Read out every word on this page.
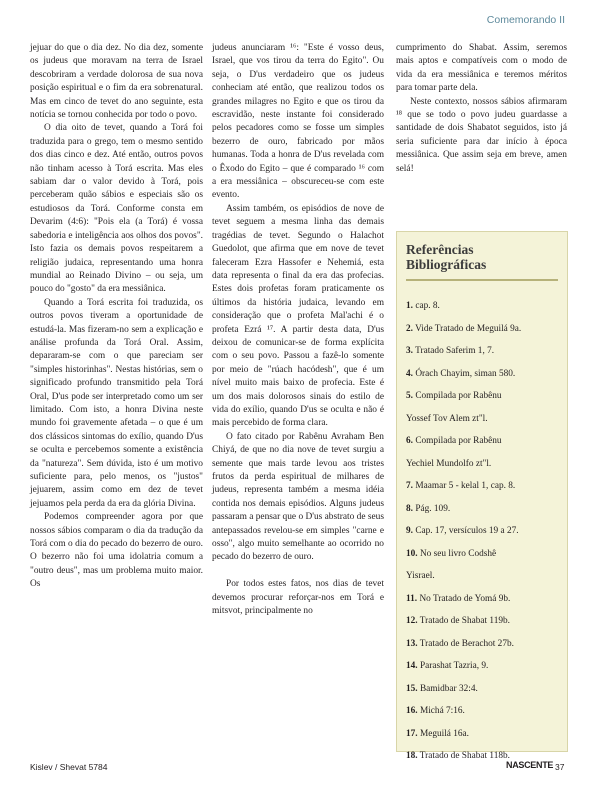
Comemorando II

jejuar do que o dia dez. No dia dez, somente os judeus que moravam na terra de Israel descobriram a verdade dolorosa de sua nova posição espiritual e o fim da era sobrenatural. Mas em cinco de tevet do ano seguinte, esta notícia se tornou conhecida por todo o povo.

O dia oito de tevet, quando a Torá foi traduzida para o grego, tem o mesmo sentido dos dias cinco e dez. Até então, outros povos não tinham acesso à Torá escrita. Mas eles sabiam dar o valor devido à Torá, pois perceberam quão sábios e especiais são os estudiosos da Torá. Conforme consta em Devarim (4:6): "Pois ela (a Torá) é vossa sabedoria e inteligência aos olhos dos povos". Isto fazia os demais povos respeitarem a religião judaica, representando uma honra mundial ao Reinado Divino – ou seja, um pouco do "gosto" da era messiânica.

Quando a Torá escrita foi traduzida, os outros povos tiveram a oportunidade de estudá-la. Mas fizeram-no sem a explicação e análise profunda da Torá Oral. Assim, depararam-se com o que pareciam ser "simples historinhas". Nestas histórias, sem o significado profundo transmitido pela Torá Oral, D'us pode ser interpretado como um ser limitado. Com isto, a honra Divina neste mundo foi gravemente afetada – o que é um dos clássicos sintomas do exílio, quando D'us se oculta e percebemos somente a existência da "natureza". Sem dúvida, isto é um motivo suficiente para, pelo menos, os "justos" jejuarem, assim como em dez de tevet jejuamos pela perda da era da glória Divina.

Podemos compreender agora por que nossos sábios comparam o dia da tradução da Torá com o dia do pecado do bezerro de ouro. O bezerro não foi uma idolatria comum a "outro deus", mas um problema muito maior. Os

judeus anunciaram ¹⁶: "Este é vosso deus, Israel, que vos tirou da terra do Egito". Ou seja, o D'us verdadeiro que os judeus conheciam até então, que realizou todos os grandes milagres no Egito e que os tirou da escravidão, neste instante foi considerado pelos pecadores como se fosse um simples bezerro de ouro, fabricado por mãos humanas. Toda a honra de D'us revelada com o Êxodo do Egito – que é comparado ¹⁶ com a era messiânica – obscureceu-se com este evento.

Assim também, os episódios de nove de tevet seguem a mesma linha das demais tragédias de tevet. Segundo o Halachot Guedolot, que afirma que em nove de tevet faleceram Ezra Hassofer e Nehemiá, esta data representa o final da era das profecias. Estes dois profetas foram praticamente os últimos da história judaica, levando em consideração que o profeta Mal'achi é o profeta Ezrá ¹⁷. A partir desta data, D'us deixou de comunicar-se de forma explícita com o seu povo. Passou a fazê-lo somente por meio de "rúach hacódesh", que é um nível muito mais baixo de profecia. Este é um dos mais dolorosos sinais do estilo de vida do exílio, quando D'us se oculta e não é mais percebido de forma clara.

O fato citado por Rabênu Avraham Ben Chiyá, de que no dia nove de tevet surgiu a semente que mais tarde levou aos tristes frutos da perda espiritual de milhares de judeus, representa também a mesma idéia contida nos demais episódios. Alguns judeus passaram a pensar que o D'us abstrato de seus antepassados revelou-se em simples "carne e osso", algo muito semelhante ao ocorrido no pecado do bezerro de ouro.

Por todos estes fatos, nos dias de tevet devemos procurar reforçar-nos em Torá e mitsvot, principalmente no

cumprimento do Shabat. Assim, seremos mais aptos e compatíveis com o modo de vida da era messiânica e teremos méritos para tomar parte dela.

Neste contexto, nossos sábios afirmaram ¹⁸ que se todo o povo judeu guardasse a santidade de dois Shabatot seguidos, isto já seria suficiente para dar início à época messiânica. Que assim seja em breve, amen selá!

Referências
Bibliográficas
1. cap. 8.
2. Vide Tratado de Meguilá 9a.
3. Tratado Saferim 1, 7.
4. Órach Chayim, siman 580.
5. Compilada por Rabênu
Yossef Tov Alem zt"l.
6. Compilada por Rabênu
Yechiel Mundolfo zt"l.
7. Maamar 5 - kelal 1, cap. 8.
8. Pág. 109.
9. Cap. 17, versículos 19 a 27.
10. No seu livro Codshê
Yisrael.
11. No Tratado de Yomá 9b.
12. Tratado de Shabat 119b.
13. Tratado de Berachot 27b.
14. Parashat Tazria, 9.
15. Bamidbar 32:4.
16. Michá 7:16.
17. Meguilá 16a.
18. Tratado de Shabat 118b.
Kislev / Shevat 5784	NASCENTE 37
